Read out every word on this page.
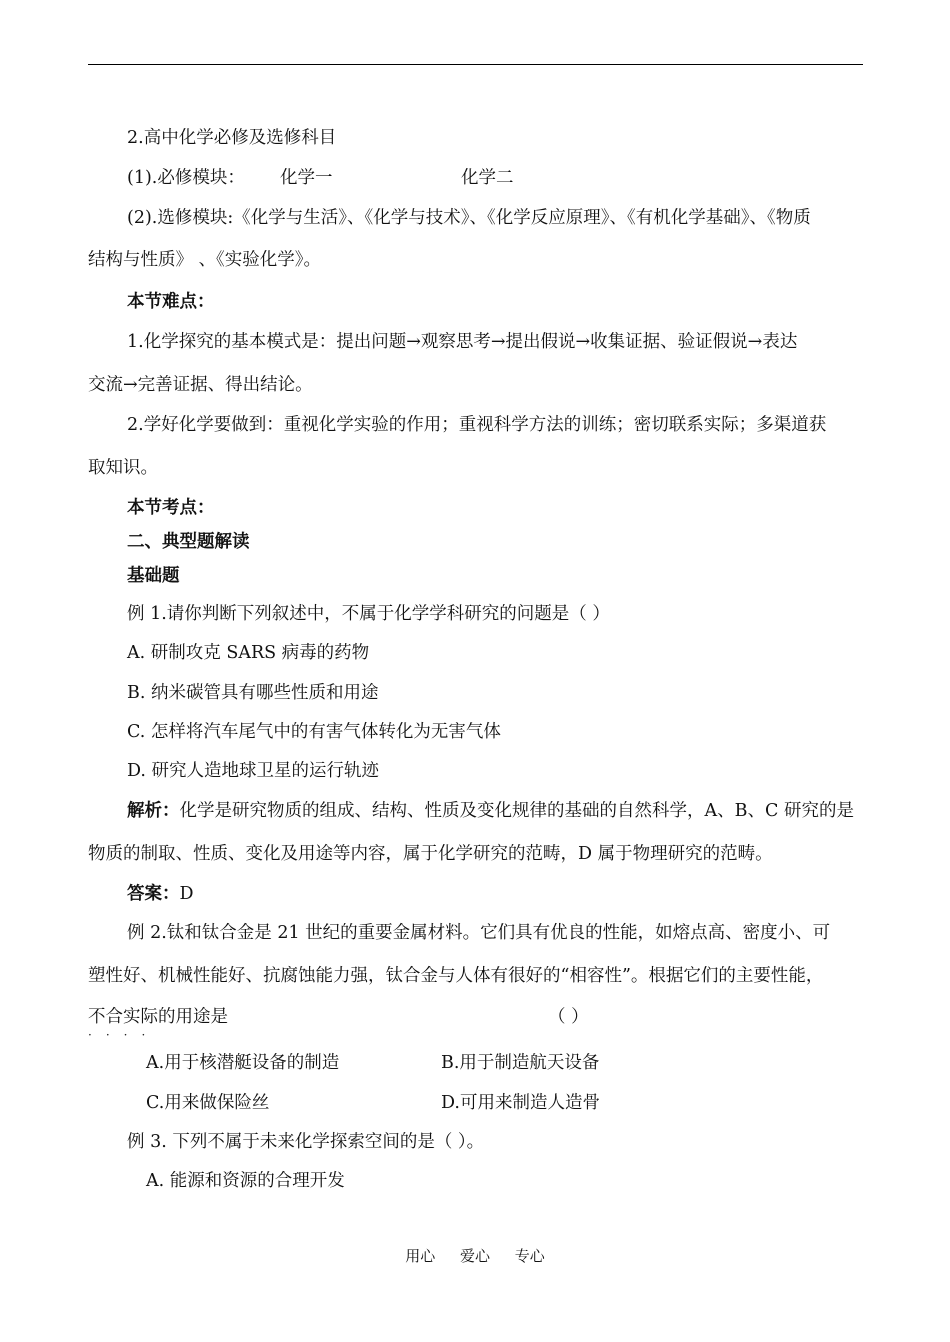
2.高中化学必修及选修科目
(1).必修模块： 化学一	化学二
(2).选修模块:《化学与生活》、《化学与技术》、《化学反应原理》、《有机化学基础》、《物质
结构与性质》 、《实验化学》。
本节难点：
1.化学探究的基本模式是：提出问题→观察思考→提出假说→收集证据、验证假说→表达
交流→完善证据、得出结论。
2.学好化学要做到：重视化学实验的作用；重视科学方法的训练；密切联系实际；多渠道获
取知识。
本节考点：
二、典型题解读
基础题
例 1.请你判断下列叙述中，不属于化学学科研究的问题是（ ）
A. 研制攻克 SARS 病毒的药物
B. 纳米碳管具有哪些性质和用途
C. 怎样将汽车尾气中的有害气体转化为无害气体
D. 研究人造地球卫星的运行轨迹
解析：化学是研究物质的组成、结构、性质及变化规律的基础的自然科学，A、B、C 研究的是
物质的制取、性质、变化及用途等内容，属于化学研究的范畴，D 属于物理研究的范畴。
答案：D
例 2.钛和钛合金是 21 世纪的重要金属材料。它们具有优良的性能，如熔点高、密度小、可
塑性好、机械性能好、抗腐蚀能力强，钛合金与人体有很好的“相容性”。根据它们的主要性能，
不合实际的用途是	（ ）
····
A.用于核潜艇设备的制造	B.用于制造航天设备
C.用来做保险丝	D.可用来制造人造骨
例 3. 下列不属于未来化学探索空间的是（ ）。
A. 能源和资源的合理开发
用心 爱心 专心
